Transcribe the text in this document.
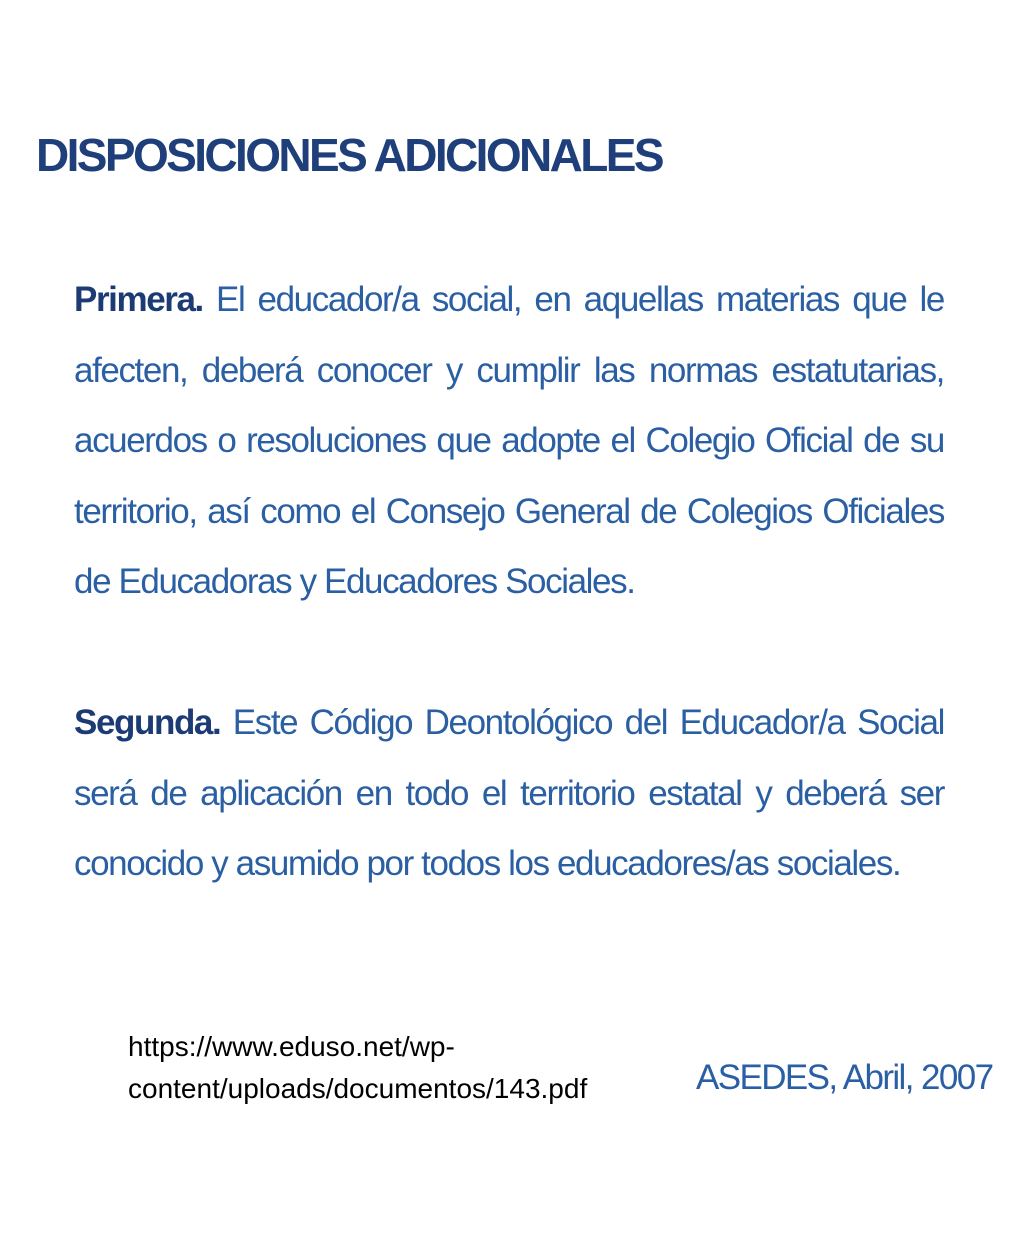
DISPOSICIONES ADICIONALES

Primera. El educador/a social, en aquellas materias que le afecten, deberá conocer y cumplir las normas estatutarias, acuerdos o resoluciones que adopte el Colegio Oficial de su territorio, así como el Consejo General de Colegios Oficiales de Educadoras y Educadores Sociales.

Segunda. Este Código Deontológico del Educador/a Social será de aplicación en todo el territorio estatal y deberá ser conocido y asumido por todos los educadores/as sociales.

https://www.eduso.net/wp-
content/uploads/documentos/143.pdf	ASEDES, Abril, 2007
